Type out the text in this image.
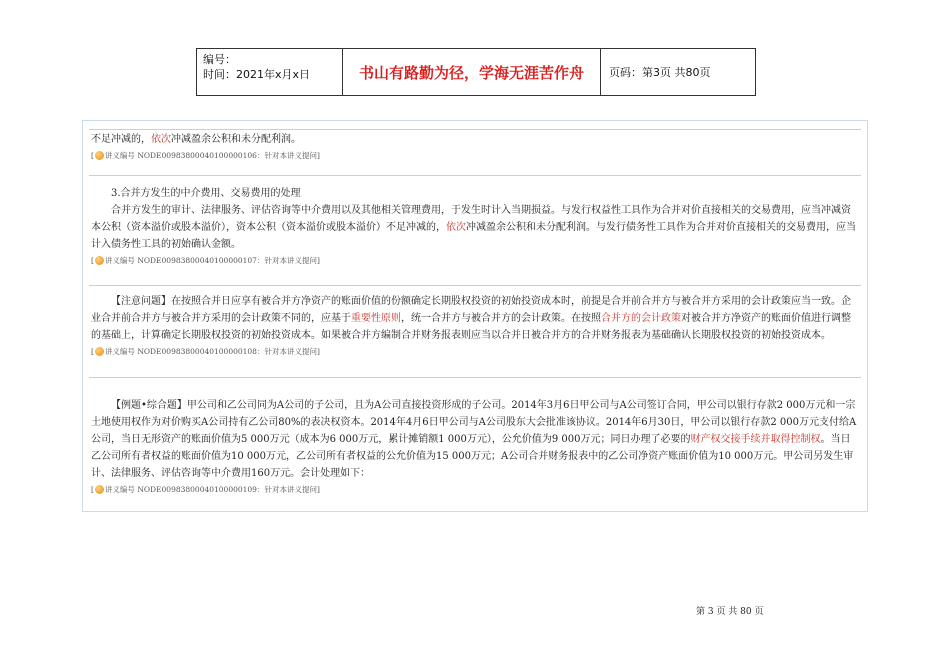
编号：
时间：2021年x月x日	书山有路勤为径，学海无涯苦作舟	页码：第3页 共80页

不足冲减的，依次冲减盈余公积和未分配利润。

[ 讲义编号 NODE00983800040100000106：针对本讲义提问 ]

3.合并方发生的中介费用、交易费用的处理

合并方发生的审计、法律服务、评估咨询等中介费用以及其他相关管理费用，于发生时计入当期损益。与发行权益性工具作为合并对价直接相关的交易费用，应当冲减资本公积（资本溢价或股本溢价），资本公积（资本溢价或股本溢价）不足冲减的，依次冲减盈余公积和未分配利润。与发行债务性工具作为合并对价直接相关的交易费用，应当计入债务性工具的初始确认金额。

[ 讲义编号 NODE00983800040100000107：针对本讲义提问 ]

【注意问题】在按照合并日应享有被合并方净资产的账面价值的份额确定长期股权投资的初始投资成本时，前提是合并前合并方与被合并方采用的会计政策应当一致。企业合并前合并方与被合并方采用的会计政策不同的，应基于重要性原则，统一合并方与被合并方的会计政策。在按照合并方的会计政策对被合并方净资产的账面价值进行调整的基础上，计算确定长期股权投资的初始投资成本。如果被合并方编制合并财务报表则应当以合并日被合并方的合并财务报表为基础确认长期股权投资的初始投资成本。

[ 讲义编号 NODE00983800040100000108：针对本讲义提问 ]

【例题•综合题】甲公司和乙公司同为A公司的子公司，且为A公司直接投资形成的子公司。2014年3月6日甲公司与A公司签订合同，甲公司以银行存款2 000万元和一宗土地使用权作为对价购买A公司持有乙公司80%的表决权资本。2014年4月6日甲公司与A公司股东大会批准该协议。2014年6月30日，甲公司以银行存款2 000万元支付给A公司，当日无形资产的账面价值为5 000万元（成本为6 000万元，累计摊销额1 000万元），公允价值为9 000万元；同日办理了必要的财产权交接手续并取得控制权。当日乙公司所有者权益的账面价值为10 000万元，乙公司所有者权益的公允价值为15 000万元；A公司合并财务报表中的乙公司净资产账面价值为10 000万元。甲公司另发生审计、法律服务、评估咨询等中介费用160万元。会计处理如下：

[ 讲义编号 NODE00983800040100000109：针对本讲义提问 ]
第 3 页 共 80 页
